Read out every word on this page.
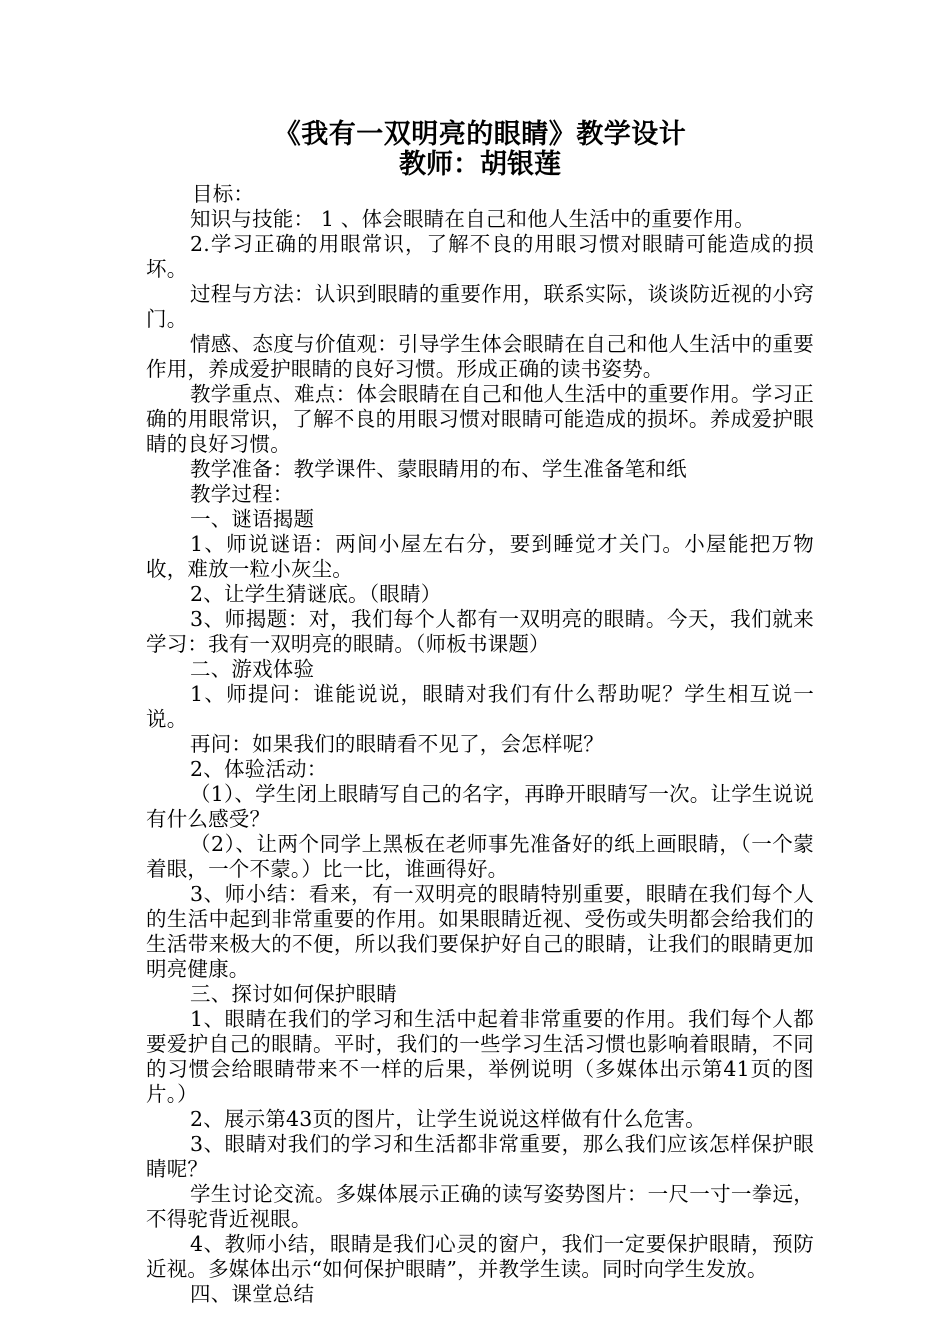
《我有一双明亮的眼睛》教学设计
教师：胡银莲
目标：
知识与技能： 1 、体会眼睛在自己和他人生活中的重要作用。
2.学习正确的用眼常识，了解不良的用眼习惯对眼睛可能造成的损坏。
过程与方法：认识到眼睛的重要作用，联系实际，谈谈防近视的小窍门。
情感、态度与价值观：引导学生体会眼睛在自己和他人生活中的重要作用，养成爱护眼睛的良好习惯。形成正确的读书姿势。
教学重点、难点：体会眼睛在自己和他人生活中的重要作用。学习正确的用眼常识，了解不良的用眼习惯对眼睛可能造成的损坏。养成爱护眼睛的良好习惯。
教学准备：教学课件、蒙眼睛用的布、学生准备笔和纸
教学过程：
一、谜语揭题
1、师说谜语：两间小屋左右分，要到睡觉才关门。小屋能把万物收，难放一粒小灰尘。
2、让学生猜谜底。（眼睛）
3、师揭题：对，我们每个人都有一双明亮的眼睛。今天，我们就来学习：我有一双明亮的眼睛。（师板书课题）
二、游戏体验
1、师提问：谁能说说，眼睛对我们有什么帮助呢？学生相互说一说。
再问：如果我们的眼睛看不见了，会怎样呢？
2、体验活动：
（1）、学生闭上眼睛写自己的名字，再睁开眼睛写一次。让学生说说有什么感受？
（2）、让两个同学上黑板在老师事先准备好的纸上画眼睛，（一个蒙着眼，一个不蒙。）比一比，谁画得好。
3、师小结：看来，有一双明亮的眼睛特别重要，眼睛在我们每个人的生活中起到非常重要的作用。如果眼睛近视、受伤或失明都会给我们的生活带来极大的不便，所以我们要保护好自己的眼睛，让我们的眼睛更加明亮健康。
三、探讨如何保护眼睛
1、眼睛在我们的学习和生活中起着非常重要的作用。我们每个人都要爱护自己的眼睛。平时，我们的一些学习生活习惯也影响着眼睛，不同的习惯会给眼睛带来不一样的后果，举例说明（多媒体出示第41页的图片。）
2、展示第43页的图片，让学生说说这样做有什么危害。
3、眼睛对我们的学习和生活都非常重要，那么我们应该怎样保护眼睛呢？
学生讨论交流。多媒体展示正确的读写姿势图片：一尺一寸一拳远，不得驼背近视眼。
4、教师小结，眼睛是我们心灵的窗户，我们一定要保护眼睛，预防近视。多媒体出示“如何保护眼睛”，并教学生读。同时向学生发放。
四、课堂总结
